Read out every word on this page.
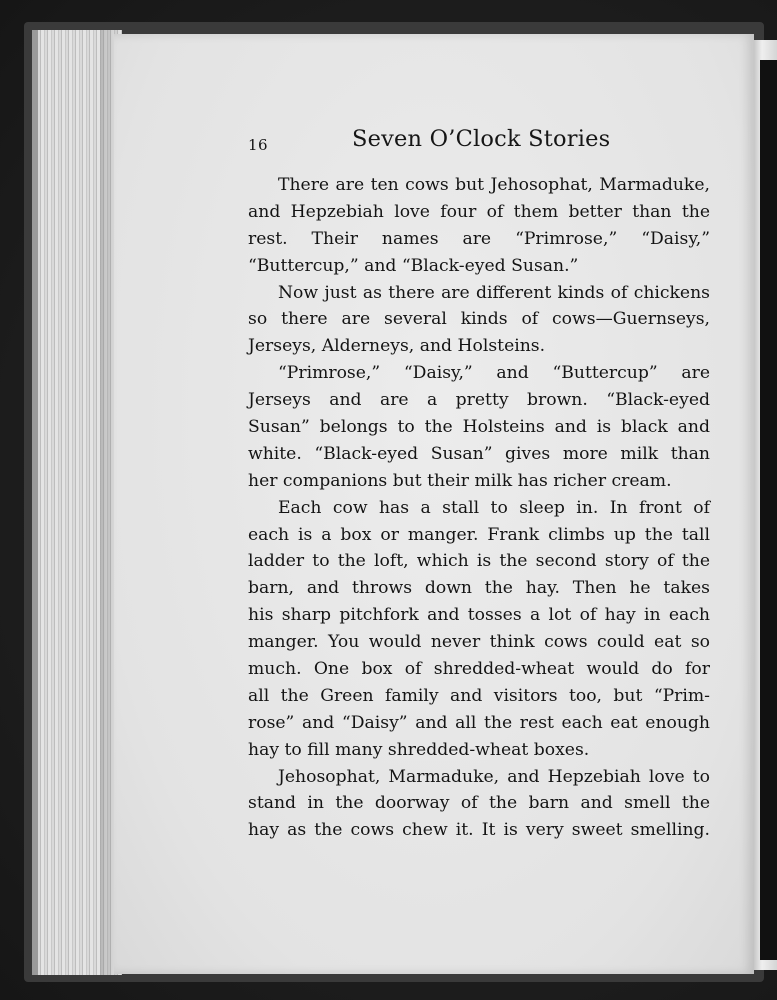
16	Seven O’Clock Stories
There are ten cows but Jehosophat, Marmaduke,
and Hepzebiah love four of them better than the
rest. Their names are “Primrose,” “Daisy,”
“Buttercup,” and “Black-eyed Susan.”
Now just as there are different kinds of chickens
so there are several kinds of cows—Guernseys,
Jerseys, Alderneys, and Holsteins.
“Primrose,” “Daisy,” and “Buttercup” are
Jerseys and are a pretty brown. “Black-eyed
Susan” belongs to the Holsteins and is black and
white. “Black-eyed Susan” gives more milk than
her companions but their milk has richer cream.
Each cow has a stall to sleep in. In front of
each is a box or manger. Frank climbs up the tall
ladder to the loft, which is the second story of the
barn, and throws down the hay. Then he takes
his sharp pitchfork and tosses a lot of hay in each
manger. You would never think cows could eat so
much. One box of shredded-wheat would do for
all the Green family and visitors too, but “Prim-
rose” and “Daisy” and all the rest each eat enough
hay to fill many shredded-wheat boxes.
Jehosophat, Marmaduke, and Hepzebiah love to
stand in the doorway of the barn and smell the
hay as the cows chew it. It is very sweet smelling.
